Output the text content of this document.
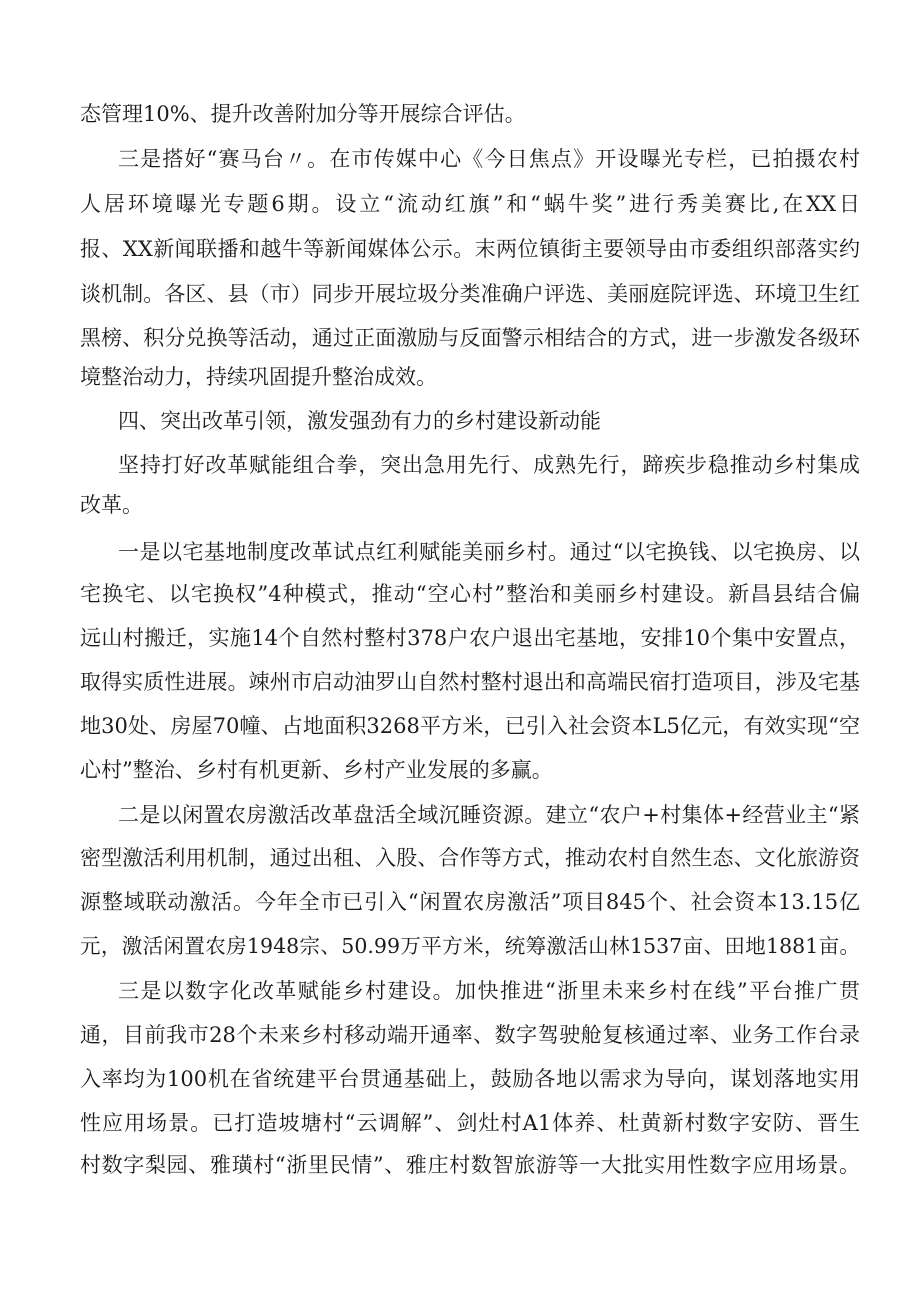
态管理10%、提升改善附加分等开展综合评估。
三是搭好“赛马台〃。在市传媒中心《今日焦点》开设曝光专栏，已拍摄农村
人居环境曝光专题6期。设立“流动红旗”和“蜗牛奖”进行秀美赛比,在XX日
报、XX新闻联播和越牛等新闻媒体公示。末两位镇街主要领导由市委组织部落实约
谈机制。各区、县（市）同步开展垃圾分类准确户评选、美丽庭院评选、环境卫生红
黑榜、积分兑换等活动，通过正面激励与反面警示相结合的方式，进一步激发各级环
境整治动力，持续巩固提升整治成效。
四、突出改革引领，激发强劲有力的乡村建设新动能
坚持打好改革赋能组合拳，突出急用先行、成熟先行，蹄疾步稳推动乡村集成
改革。
一是以宅基地制度改革试点红利赋能美丽乡村。通过“以宅换钱、以宅换房、以
宅换宅、以宅换权”4种模式，推动“空心村”整治和美丽乡村建设。新昌县结合偏
远山村搬迁，实施14个自然村整村378户农户退出宅基地，安排10个集中安置点，
取得实质性进展。竦州市启动油罗山自然村整村退出和高端民宿打造项目，涉及宅基
地30处、房屋70幢、占地面积3268平方米，已引入社会资本L5亿元，有效实现“空
心村”整治、乡村有机更新、乡村产业发展的多赢。
二是以闲置农房激活改革盘活全域沉睡资源。建立“农户+村集体+经营业主“紧
密型激活利用机制，通过出租、入股、合作等方式，推动农村自然生态、文化旅游资
源整域联动激活。今年全市已引入“闲置农房激活”项目845个、社会资本13.15亿
元，激活闲置农房1948宗、50.99万平方米，统筹激活山林1537亩、田地1881亩。
三是以数字化改革赋能乡村建设。加快推进“浙里未来乡村在线”平台推广贯
通，目前我市28个未来乡村移动端开通率、数字驾驶舱复核通过率、业务工作台录
入率均为100机在省统建平台贯通基础上，鼓励各地以需求为导向，谋划落地实用
性应用场景。已打造坡塘村“云调解”、剑灶村A1体养、杜黄新村数字安防、晋生
村数字梨园、雅璜村“浙里民情”、雅庄村数智旅游等一大批实用性数字应用场景。
